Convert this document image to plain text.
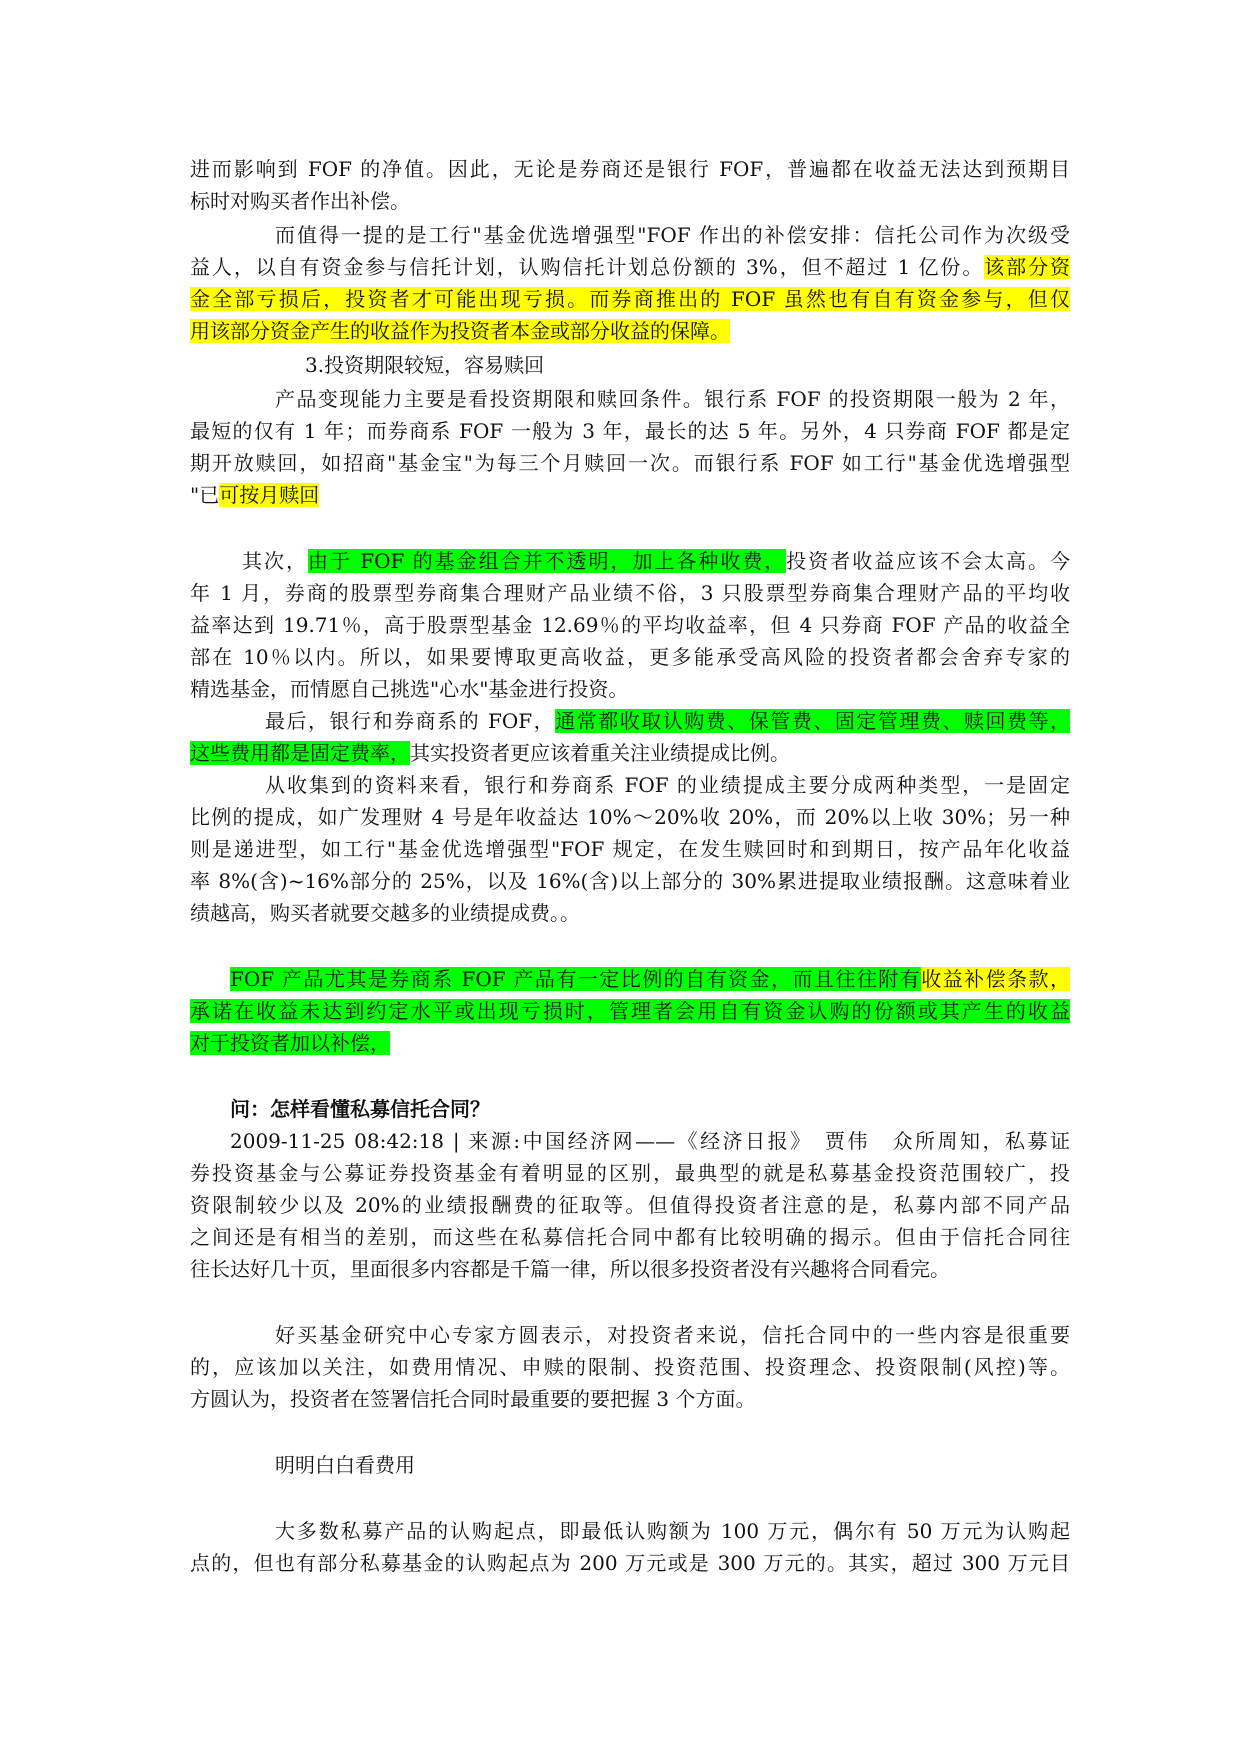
进而影响到 FOF 的净值。因此，无论是券商还是银行 FOF，普遍都在收益无法达到预期目
标时对购买者作出补偿。
而值得一提的是工行"基金优选增强型"FOF 作出的补偿安排：信托公司作为次级受
益人，以自有资金参与信托计划，认购信托计划总份额的 3%，但不超过 1 亿份。该部分资
金全部亏损后，投资者才可能出现亏损。而券商推出的 FOF 虽然也有自有资金参与，但仅
用该部分资金产生的收益作为投资者本金或部分收益的保障。
3.投资期限较短，容易赎回
产品变现能力主要是看投资期限和赎回条件。银行系 FOF 的投资期限一般为 2 年，
最短的仅有 1 年；而券商系 FOF 一般为 3 年，最长的达 5 年。另外，4 只券商 FOF 都是定
期开放赎回，如招商"基金宝"为每三个月赎回一次。而银行系 FOF 如工行"基金优选增强型
"已可按月赎回
其次，由于 FOF 的基金组合并不透明，加上各种收费，投资者收益应该不会太高。今
年 1 月，券商的股票型券商集合理财产品业绩不俗，3 只股票型券商集合理财产品的平均收
益率达到 19.71％，高于股票型基金 12.69％的平均收益率，但 4 只券商 FOF 产品的收益全
部在 10％以内。所以，如果要博取更高收益，更多能承受高风险的投资者都会舍弃专家的
精选基金，而情愿自己挑选"心水"基金进行投资。
最后，银行和券商系的 FOF，通常都收取认购费、保管费、固定管理费、赎回费等，
这些费用都是固定费率，其实投资者更应该着重关注业绩提成比例。
从收集到的资料来看，银行和券商系 FOF 的业绩提成主要分成两种类型，一是固定
比例的提成，如广发理财 4 号是年收益达 10%～20%收 20%，而 20%以上收 30%；另一种
则是递进型，如工行"基金优选增强型"FOF 规定，在发生赎回时和到期日，按产品年化收益
率 8%(含)~16%部分的 25%，以及 16%(含)以上部分的 30%累进提取业绩报酬。这意味着业
绩越高，购买者就要交越多的业绩提成费。。
FOF 产品尤其是券商系 FOF 产品有一定比例的自有资金，而且往往附有收益补偿条款，
承诺在收益未达到约定水平或出现亏损时，管理者会用自有资金认购的份额或其产生的收益
对于投资者加以补偿，
问：怎样看懂私募信托合同？
2009-11-25 08:42:18 | 来源:中国经济网——《经济日报》　贾伟　众所周知，私募证
券投资基金与公募证券投资基金有着明显的区别，最典型的就是私募基金投资范围较广，投
资限制较少以及 20%的业绩报酬费的征取等。但值得投资者注意的是，私募内部不同产品
之间还是有相当的差别，而这些在私募信托合同中都有比较明确的揭示。但由于信托合同往
往长达好几十页，里面很多内容都是千篇一律，所以很多投资者没有兴趣将合同看完。
好买基金研究中心专家方圆表示，对投资者来说，信托合同中的一些内容是很重要
的，应该加以关注，如费用情况、申赎的限制、投资范围、投资理念、投资限制(风控)等。
方圆认为，投资者在签署信托合同时最重要的要把握 3 个方面。
明明白白看费用
大多数私募产品的认购起点，即最低认购额为 100 万元，偶尔有 50 万元为认购起
点的，但也有部分私募基金的认购起点为 200 万元或是 300 万元的。其实，超过 300 万元目
